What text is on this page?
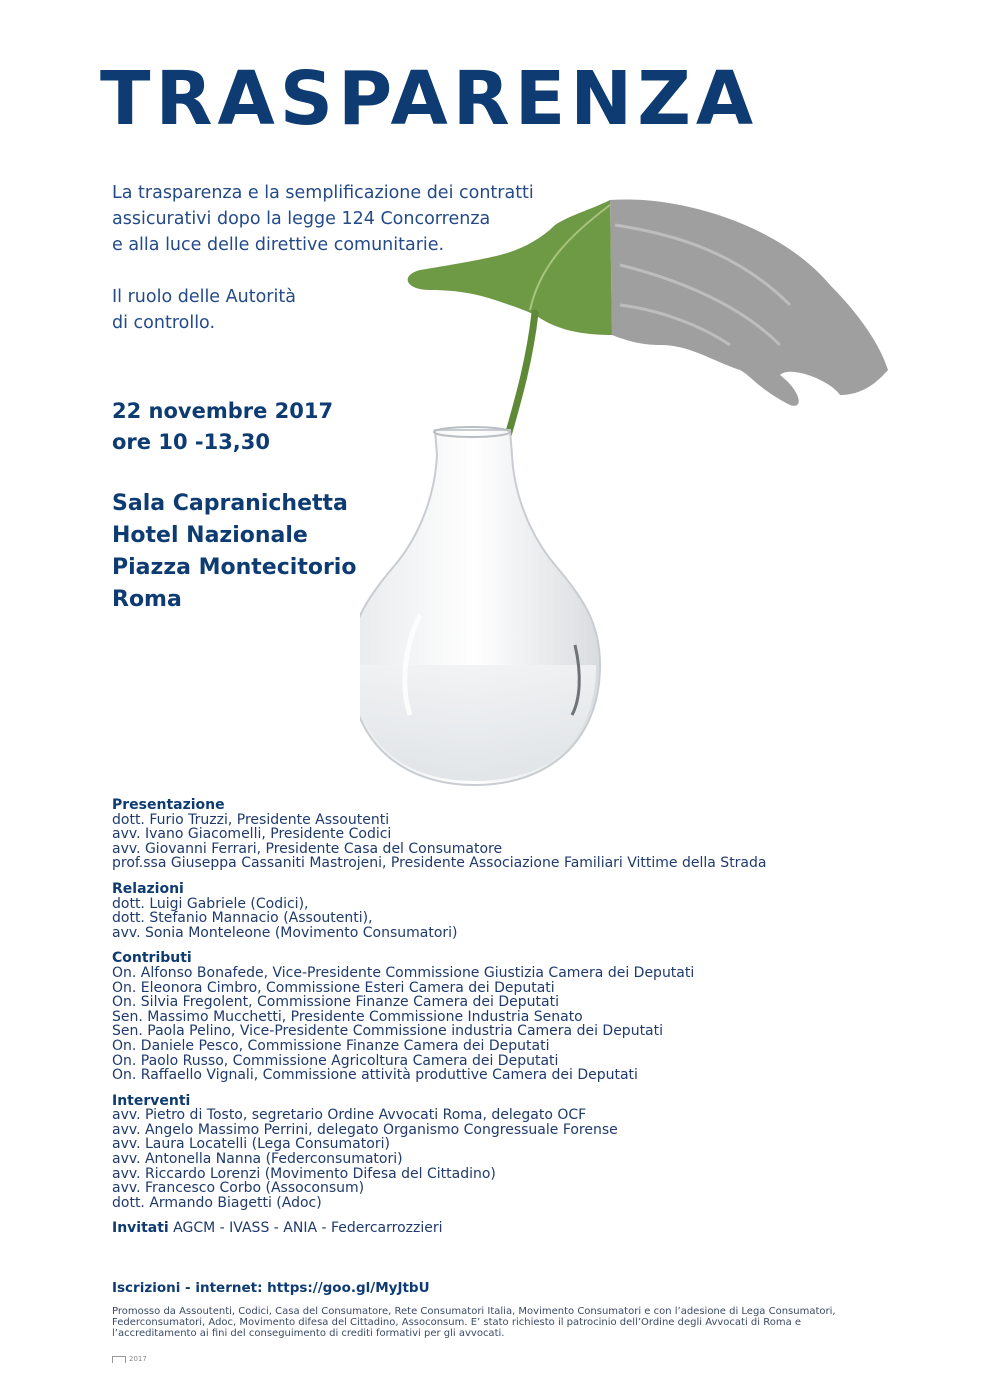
TRASPARENZA

La trasparenza e la semplificazione dei contratti

assicurativi dopo la legge 124 Concorrenza

e alla luce delle direttive comunitarie.

Il ruolo delle Autorità

di controllo.

22 novembre 2017
ore 10 -13,30
Sala Capranichetta
Hotel Nazionale
Piazza Montecitorio
Roma
Presentazione
dott. Furio Truzzi, Presidente Assoutenti
avv. Ivano Giacomelli, Presidente Codici
avv. Giovanni Ferrari, Presidente Casa del Consumatore
prof.ssa Giuseppa Cassaniti Mastrojeni, Presidente Associazione Familiari Vittime della Strada
Relazioni
dott. Luigi Gabriele (Codici),
dott. Stefanio Mannacio (Assoutenti),
avv. Sonia Monteleone (Movimento Consumatori)
Contributi
On. Alfonso Bonafede, Vice-Presidente Commissione Giustizia Camera dei Deputati
On. Eleonora Cimbro, Commissione Esteri Camera dei Deputati
On. Silvia Fregolent, Commissione Finanze Camera dei Deputati
Sen. Massimo Mucchetti, Presidente Commissione Industria Senato
Sen. Paola Pelino, Vice-Presidente Commissione industria Camera dei Deputati
On. Daniele Pesco, Commissione Finanze Camera dei Deputati
On. Paolo Russo, Commissione Agricoltura Camera dei Deputati
On. Raffaello Vignali, Commissione attività produttive Camera dei Deputati
Interventi
avv. Pietro di Tosto, segretario Ordine Avvocati Roma, delegato OCF
avv. Angelo Massimo Perrini, delegato Organismo Congressuale Forense
avv. Laura Locatelli (Lega Consumatori)
avv. Antonella Nanna (Federconsumatori)
avv. Riccardo Lorenzi (Movimento Difesa del Cittadino)
avv. Francesco Corbo (Assoconsum)
dott. Armando Biagetti (Adoc)
Invitati AGCM - IVASS - ANIA - Federcarrozzieri
Iscrizioni - internet: https://goo.gl/MyJtbU
Promosso da Assoutenti, Codici, Casa del Consumatore, Rete Consumatori Italia, Movimento Consumatori e con l’adesione di Lega Consumatori,
Federconsumatori, Adoc, Movimento difesa del Cittadino, Assoconsum. E’ stato richiesto il patrocinio dell’Ordine degli Avvocati di Roma e
l’accreditamento ai fini del conseguimento di crediti formativi per gli avvocati.
2017
